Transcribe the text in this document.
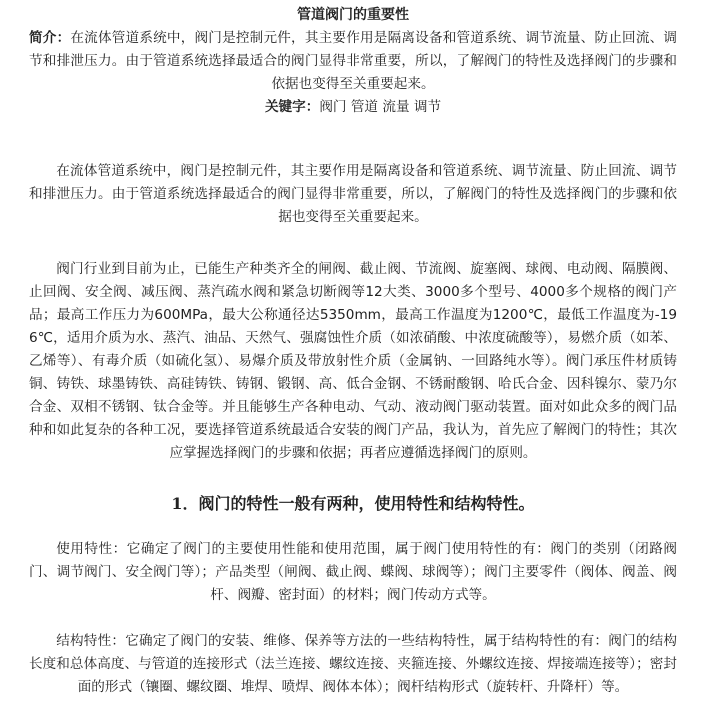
管道阀门的重要性

简介：在流体管道系统中，阀门是控制元件，其主要作用是隔离设备和管道系统、调节流量、防止回流、调节和排泄压力。由于管道系统选择最适合的阀门显得非常重要，所以，了解阀门的特性及选择阀门的步骤和依据也变得至关重要起来。

关键字：阀门 管道 流量 调节

在流体管道系统中，阀门是控制元件，其主要作用是隔离设备和管道系统、调节流量、防止回流、调节和排泄压力。由于管道系统选择最适合的阀门显得非常重要，所以，了解阀门的特性及选择阀门的步骤和依据也变得至关重要起来。

阀门行业到目前为止，已能生产种类齐全的闸阀、截止阀、节流阀、旋塞阀、球阀、电动阀、隔膜阀、止回阀、安全阀、减压阀、蒸汽疏水阀和紧急切断阀等12大类、3000多个型号、4000多个规格的阀门产品；最高工作压力为600MPa，最大公称通径达5350mm，最高工作温度为1200℃，最低工作温度为-196℃，适用介质为水、蒸汽、油品、天然气、强腐蚀性介质（如浓硝酸、中浓度硫酸等），易燃介质（如苯、乙烯等）、有毒介质（如硫化氢）、易爆介质及带放射性介质（金属钠、一回路纯水等）。阀门承压件材质铸铜、铸铁、球墨铸铁、高硅铸铁、铸钢、锻钢、高、低合金钢、不锈耐酸钢、哈氏合金、因科镍尔、蒙乃尔合金、双相不锈钢、钛合金等。并且能够生产各种电动、气动、液动阀门驱动装置。面对如此众多的阀门品种和如此复杂的各种工况，要选择管道系统最适合安装的阀门产品，我认为，首先应了解阀门的特性；其次应掌握选择阀门的步骤和依据；再者应遵循选择阀门的原则。

1．阀门的特性一般有两种，使用特性和结构特性。

使用特性：它确定了阀门的主要使用性能和使用范围，属于阀门使用特性的有：阀门的类别（闭路阀门、调节阀门、安全阀门等）；产品类型（闸阀、截止阀、蝶阀、球阀等）；阀门主要零件（阀体、阀盖、阀杆、阀瓣、密封面）的材料；阀门传动方式等。

结构特性：它确定了阀门的安装、维修、保养等方法的一些结构特性，属于结构特性的有：阀门的结构长度和总体高度、与管道的连接形式（法兰连接、螺纹连接、夹箍连接、外螺纹连接、焊接端连接等）；密封面的形式（镶圈、螺纹圈、堆焊、喷焊、阀体本体）；阀杆结构形式（旋转杆、升降杆）等。
